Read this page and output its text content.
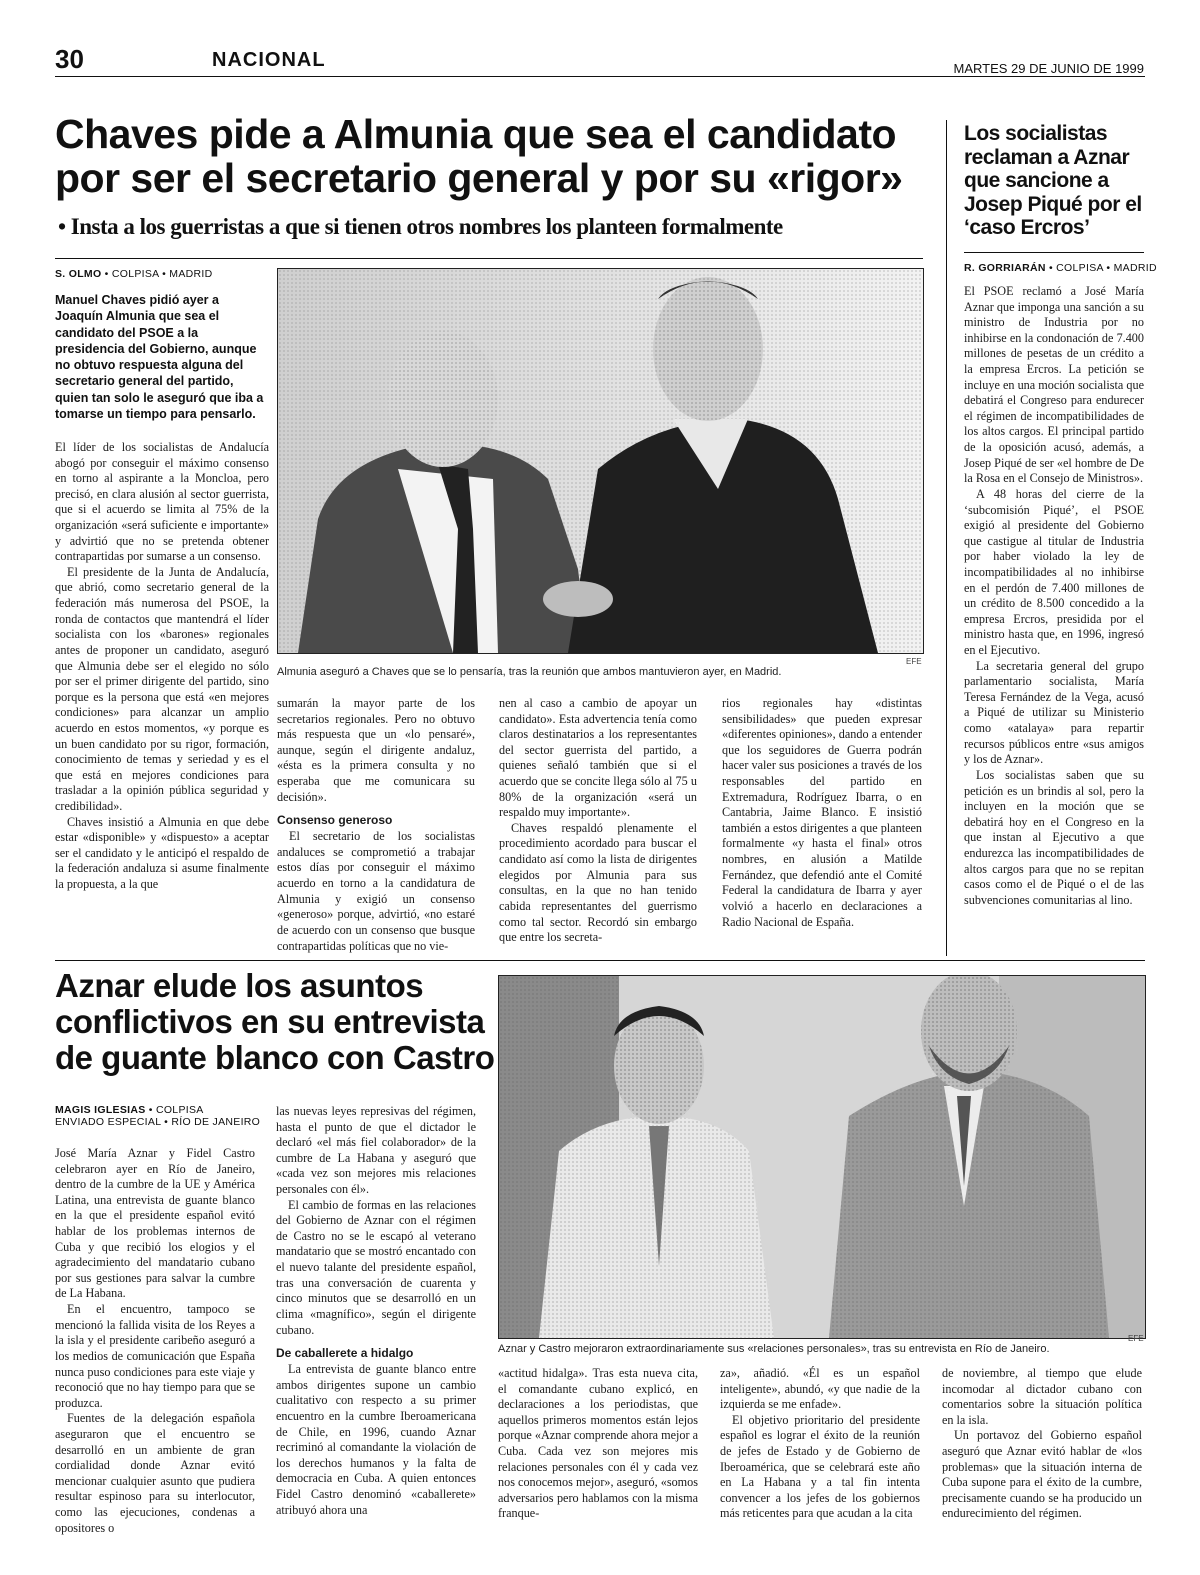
30	NACIONAL	MARTES 29 DE JUNIO DE 1999
Chaves pide a Almunia que sea el candidato por ser el secretario general y por su «rigor»
• Insta a los guerristas a que si tienen otros nombres los planteen formalmente
S. OLMO • COLPISA • MADRID
Manuel Chaves pidió ayer a Joaquín Almunia que sea el candidato del PSOE a la presidencia del Gobierno, aunque no obtuvo respuesta alguna del secretario general del partido, quien tan solo le aseguró que iba a tomarse un tiempo para pensarlo.

El líder de los socialistas de Andalucía abogó por conseguir el máximo consenso en torno al aspirante a la Moncloa, pero precisó, en clara alusión al sector guerrista, que si el acuerdo se limita al 75% de la organización «será suficiente e importante» y advirtió que no se pretenda obtener contrapartidas por sumarse a un consenso.

El presidente de la Junta de Andalucía, que abrió, como secretario general de la federación más numerosa del PSOE, la ronda de contactos que mantendrá el líder socialista con los «barones» regionales antes de proponer un candidato, aseguró que Almunia debe ser el elegido no sólo por ser el primer dirigente del partido, sino porque es la persona que está «en mejores condiciones» para alcanzar un amplio acuerdo en estos momentos, «y porque es un buen candidato por su rigor, formación, conocimiento de temas y seriedad y es el que está en mejores condiciones para trasladar a la opinión pública seguridad y credibilidad».

Chaves insistió a Almunia en que debe estar «disponible» y «dispuesto» a aceptar ser el candidato y le anticipó el respaldo de la federación andaluza si asume finalmente la propuesta, a la que

Almunia aseguró a Chaves que se lo pensaría, tras la reunión que ambos mantuvieron ayer, en Madrid.
EFE

sumarán la mayor parte de los secretarios regionales. Pero no obtuvo más respuesta que un «lo pensaré», aunque, según el dirigente andaluz, «ésta es la primera consulta y no esperaba que me comunicara su decisión».

Consenso generoso

El secretario de los socialistas andaluces se comprometió a trabajar estos días por conseguir el máximo acuerdo en torno a la candidatura de Almunia y exigió un consenso «generoso» porque, advirtió, «no estaré de acuerdo con un consenso que busque contrapartidas políticas que no vie-

nen al caso a cambio de apoyar un candidato». Esta advertencia tenía como claros destinatarios a los representantes del sector guerrista del partido, a quienes señaló también que si el acuerdo que se concite llega sólo al 75 u 80% de la organización «será un respaldo muy importante».

Chaves respaldó plenamente el procedimiento acordado para buscar el candidato así como la lista de dirigentes elegidos por Almunia para sus consultas, en la que no han tenido cabida representantes del guerrismo como tal sector. Recordó sin embargo que entre los secreta-

rios regionales hay «distintas sensibilidades» que pueden expresar «diferentes opiniones», dando a entender que los seguidores de Guerra podrán hacer valer sus posiciones a través de los responsables del partido en Extremadura, Rodríguez Ibarra, o en Cantabria, Jaime Blanco. E insistió también a estos dirigentes a que planteen formalmente «y hasta el final» otros nombres, en alusión a Matilde Fernández, que defendió ante el Comité Federal la candidatura de Ibarra y ayer volvió a hacerlo en declaraciones a Radio Nacional de España.

Los socialistas reclaman a Aznar que sancione a Josep Piqué por el ‘caso Ercros’
R. GORRIARÁN • COLPISA • MADRID

El PSOE reclamó a José María Aznar que imponga una sanción a su ministro de Industria por no inhibirse en la condonación de 7.400 millones de pesetas de un crédito a la empresa Ercros. La petición se incluye en una moción socialista que debatirá el Congreso para endurecer el régimen de incompatibilidades de los altos cargos. El principal partido de la oposición acusó, además, a Josep Piqué de ser «el hombre de De la Rosa en el Consejo de Ministros».

A 48 horas del cierre de la ‘subcomisión Piqué’, el PSOE exigió al presidente del Gobierno que castigue al titular de Industria por haber violado la ley de incompatibilidades al no inhibirse en el perdón de 7.400 millones de un crédito de 8.500 concedido a la empresa Ercros, presidida por el ministro hasta que, en 1996, ingresó en el Ejecutivo.

La secretaria general del grupo parlamentario socialista, María Teresa Fernández de la Vega, acusó a Piqué de utilizar su Ministerio como «atalaya» para repartir recursos públicos entre «sus amigos y los de Aznar».

Los socialistas saben que su petición es un brindis al sol, pero la incluyen en la moción que se debatirá hoy en el Congreso en la que instan al Ejecutivo a que endurezca las incompatibilidades de altos cargos para que no se repitan casos como el de Piqué o el de las subvenciones comunitarias al lino.

Aznar elude los asuntos conflictivos en su entrevista de guante blanco con Castro
MAGIS IGLESIAS • COLPISA
ENVIADO ESPECIAL • RÍO DE JANEIRO

José María Aznar y Fidel Castro celebraron ayer en Río de Janeiro, dentro de la cumbre de la UE y América Latina, una entrevista de guante blanco en la que el presidente español evitó hablar de los problemas internos de Cuba y que recibió los elogios y el agradecimiento del mandatario cubano por sus gestiones para salvar la cumbre de La Habana.

En el encuentro, tampoco se mencionó la fallida visita de los Reyes a la isla y el presidente caribeño aseguró a los medios de comunicación que España nunca puso condiciones para este viaje y reconoció que no hay tiempo para que se produzca.

Fuentes de la delegación española aseguraron que el encuentro se desarrolló en un ambiente de gran cordialidad donde Aznar evitó mencionar cualquier asunto que pudiera resultar espinoso para su interlocutor, como las ejecuciones, condenas a opositores o

las nuevas leyes represivas del régimen, hasta el punto de que el dictador le declaró «el más fiel colaborador» de la cumbre de La Habana y aseguró que «cada vez son mejores mis relaciones personales con él».

El cambio de formas en las relaciones del Gobierno de Aznar con el régimen de Castro no se le escapó al veterano mandatario que se mostró encantado con el nuevo talante del presidente español, tras una conversación de cuarenta y cinco minutos que se desarrolló en un clima «magnífico», según el dirigente cubano.

De caballerete a hidalgo

La entrevista de guante blanco entre ambos dirigentes supone un cambio cualitativo con respecto a su primer encuentro en la cumbre Iberoamericana de Chile, en 1996, cuando Aznar recriminó al comandante la violación de los derechos humanos y la falta de democracia en Cuba. A quien entonces Fidel Castro denominó «caballerete» atribuyó ahora una

Aznar y Castro mejoraron extraordinariamente sus «relaciones personales», tras su entrevista en Río de Janeiro.
EFE

«actitud hidalga». Tras esta nueva cita, el comandante cubano explicó, en declaraciones a los periodistas, que aquellos primeros momentos están lejos porque «Aznar comprende ahora mejor a Cuba. Cada vez son mejores mis relaciones personales con él y cada vez nos conocemos mejor», aseguró, «somos adversarios pero hablamos con la misma franque-

za», añadió. «Él es un español inteligente», abundó, «y que nadie de la izquierda se me enfade».

El objetivo prioritario del presidente español es lograr el éxito de la reunión de jefes de Estado y de Gobierno de Iberoamérica, que se celebrará este año en La Habana y a tal fin intenta convencer a los jefes de los gobiernos más reticentes para que acudan a la cita

de noviembre, al tiempo que elude incomodar al dictador cubano con comentarios sobre la situación política en la isla.

Un portavoz del Gobierno español aseguró que Aznar evitó hablar de «los problemas» que la situación interna de Cuba supone para el éxito de la cumbre, precisamente cuando se ha producido un endurecimiento del régimen.
